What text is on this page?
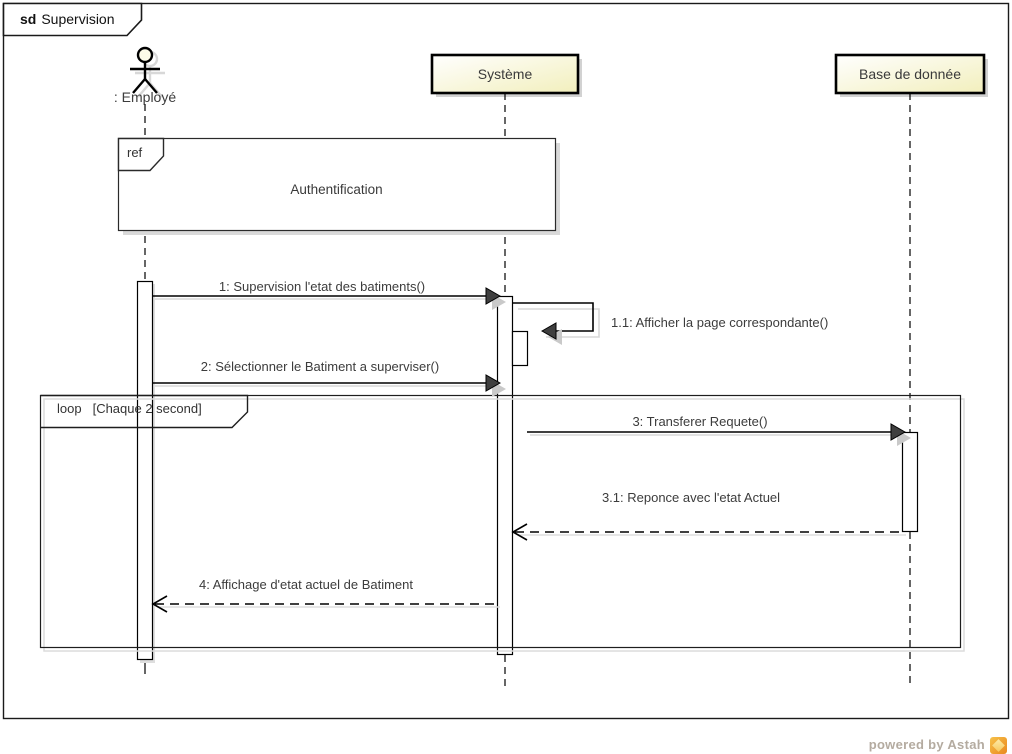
sd Supervision
: Employé
Système	Base de donnée
ref
Authentification
loop [Chaque 2 second]
1: Supervision l'etat des batiments()
1.1: Afficher la page correspondante()
2: Sélectionner le Batiment a superviser()
3: Transferer Requete()
3.1: Reponce avec l'etat Actuel
4: Affichage d'etat actuel de Batiment
powered by Astah
